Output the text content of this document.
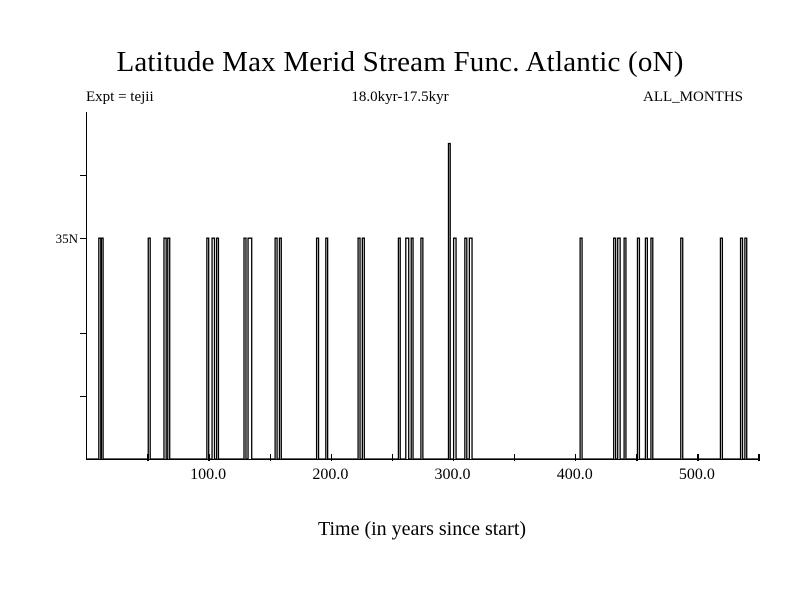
Latitude Max Merid Stream Func. Atlantic (oN)
Expt = tejii	18.0kyr-17.5kyr	ALL_MONTHS
100.0	200.0	300.0	400.0	500.0
35N
Time (in years since start)
